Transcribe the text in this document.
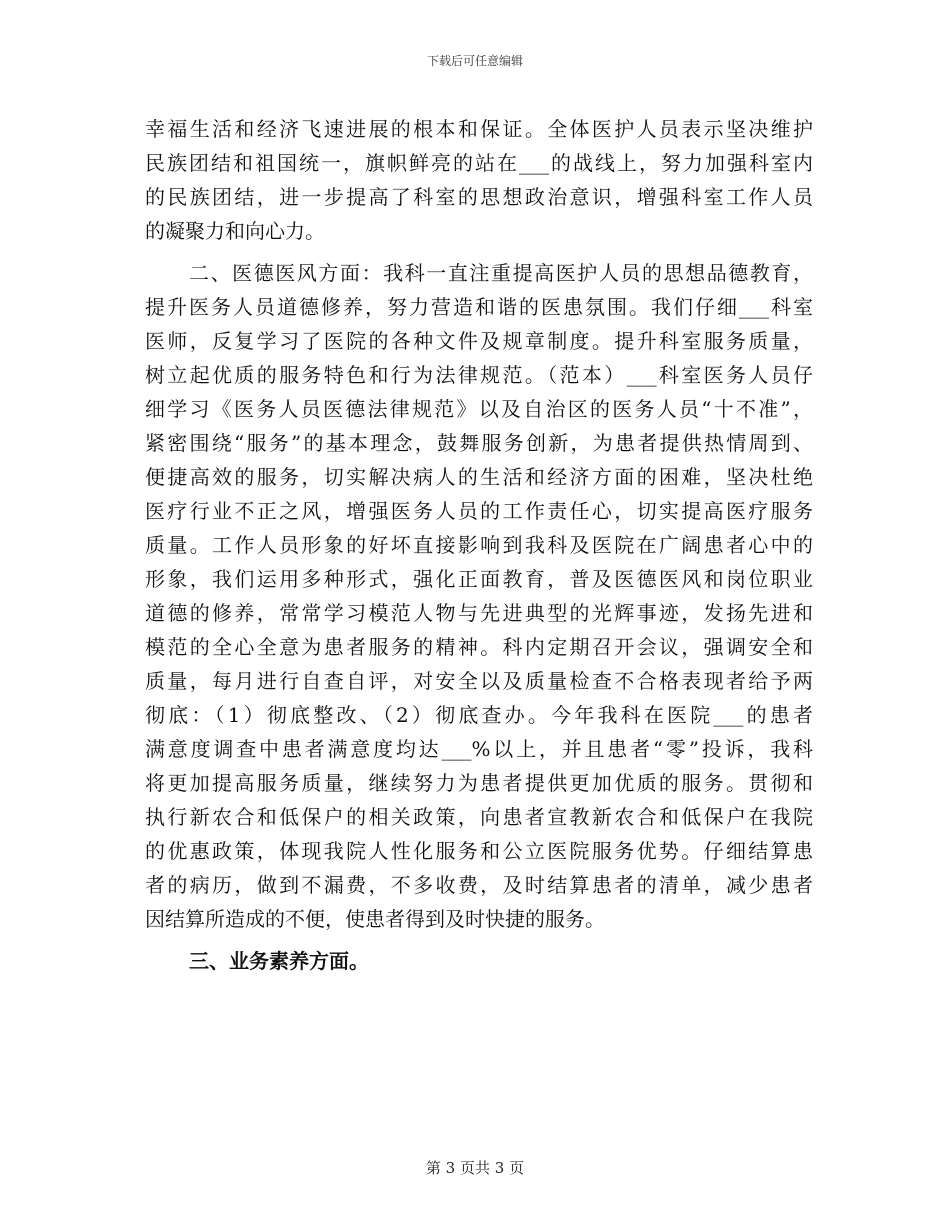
下载后可任意编辑
幸福生活和经济飞速进展的根本和保证。全体医护人员表示坚决维护
民族团结和祖国统一，旗帜鲜亮的站在___的战线上，努力加强科室内
的民族团结，进一步提高了科室的思想政治意识，增强科室工作人员
的凝聚力和向心力。
二、医德医风方面：我科一直注重提高医护人员的思想品德教育，
提升医务人员道德修养，努力营造和谐的医患氛围。我们仔细___科室
医师，反复学习了医院的各种文件及规章制度。提升科室服务质量，
树立起优质的服务特色和行为法律规范。（范本）___科室医务人员仔
细学习《医务人员医德法律规范》以及自治区的医务人员“十不准”，
紧密围绕“服务”的基本理念，鼓舞服务创新，为患者提供热情周到、
便捷高效的服务，切实解决病人的生活和经济方面的困难，坚决杜绝
医疗行业不正之风，增强医务人员的工作责任心，切实提高医疗服务
质量。工作人员形象的好坏直接影响到我科及医院在广阔患者心中的
形象，我们运用多种形式，强化正面教育，普及医德医风和岗位职业
道德的修养，常常学习模范人物与先进典型的光辉事迹，发扬先进和
模范的全心全意为患者服务的精神。科内定期召开会议，强调安全和
质量，每月进行自查自评，对安全以及质量检查不合格表现者给予两
彻底：（1）彻底整改、（2）彻底查办。今年我科在医院___的患者
满意度调查中患者满意度均达___%以上，并且患者“零”投诉，我科
将更加提高服务质量，继续努力为患者提供更加优质的服务。贯彻和
执行新农合和低保户的相关政策，向患者宣教新农合和低保户在我院
的优惠政策，体现我院人性化服务和公立医院服务优势。仔细结算患
者的病历，做到不漏费，不多收费，及时结算患者的清单，减少患者
因结算所造成的不便，使患者得到及时快捷的服务。
三、业务素养方面。
第 3 页共 3 页
